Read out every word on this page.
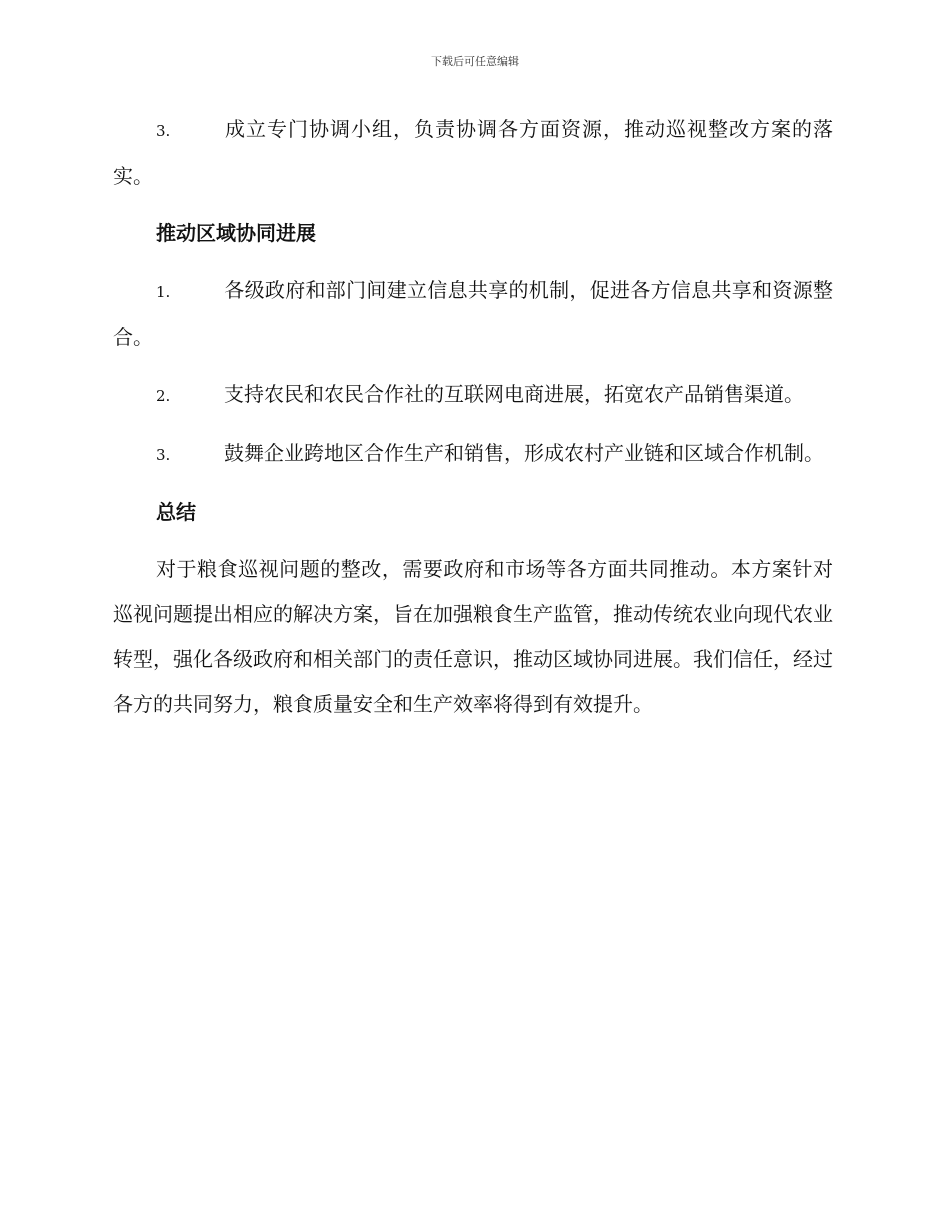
下载后可任意编辑

3.	成立专门协调小组，负责协调各方面资源，推动巡视整改方案的落实。

推动区域协同进展

1.	各级政府和部门间建立信息共享的机制，促进各方信息共享和资源整合。

2.	支持农民和农民合作社的互联网电商进展，拓宽农产品销售渠道。

3.	鼓舞企业跨地区合作生产和销售，形成农村产业链和区域合作机制。

总结

对于粮食巡视问题的整改，需要政府和市场等各方面共同推动。本方案针对巡视问题提出相应的解决方案，旨在加强粮食生产监管，推动传统农业向现代农业转型，强化各级政府和相关部门的责任意识，推动区域协同进展。我们信任，经过各方的共同努力，粮食质量安全和生产效率将得到有效提升。
